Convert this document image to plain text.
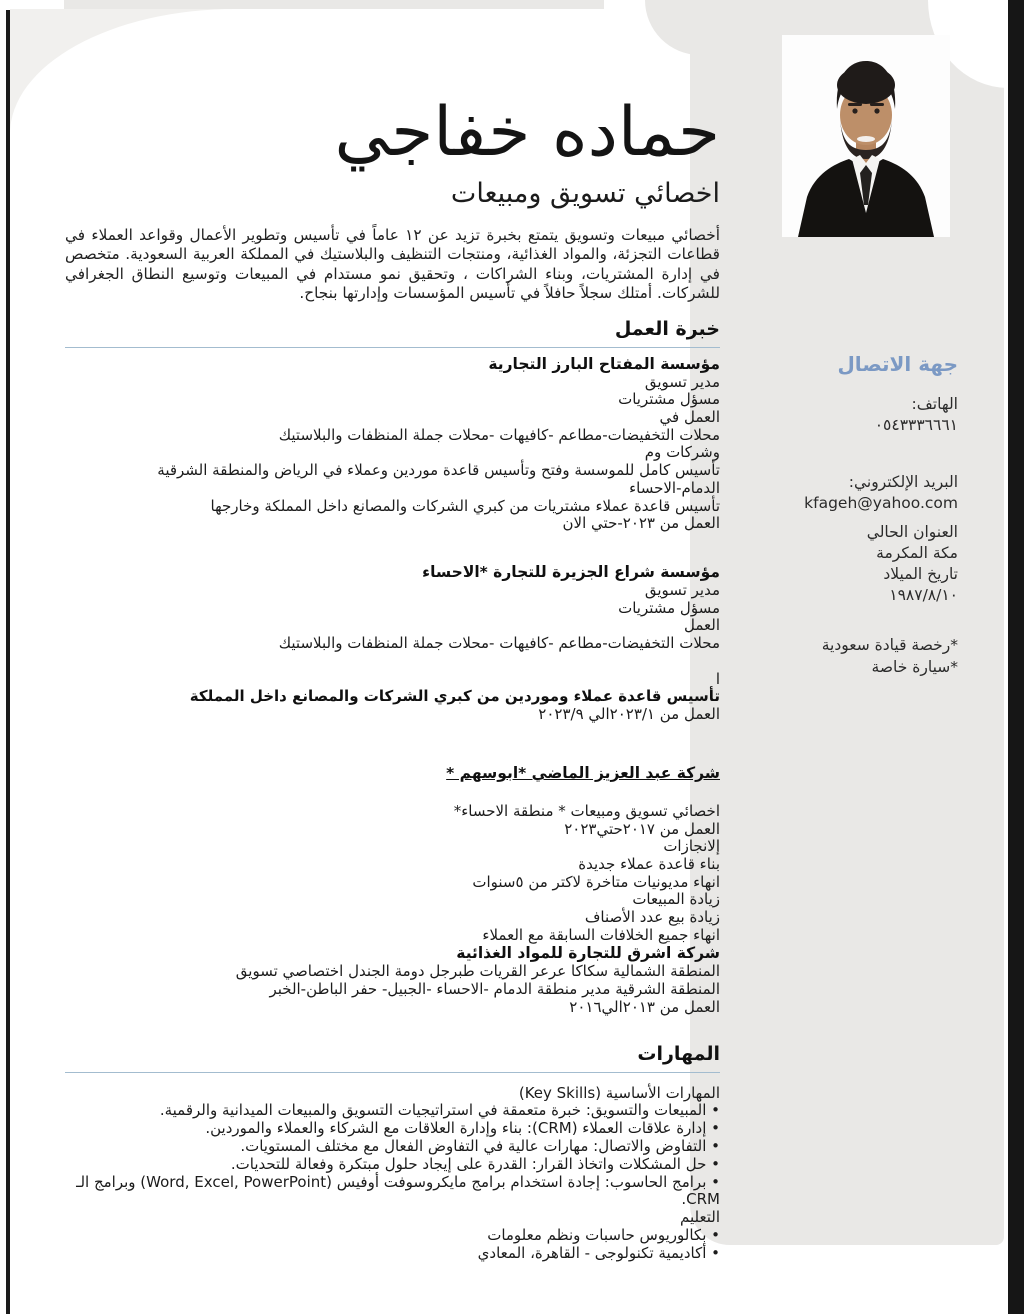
جهة الاتصال
الهاتف:
٠٥٤٣٣٣٦٦٦١
البريد الإلكتروني:
kfageh@yahoo.com
العنوان الحالي
مكة المكرمة
تاريخ الميلاد
١٩٨٧/٨/١٠
*رخصة قيادة سعودية
*سيارة خاصة
حماده خفاجي
اخصائي تسويق ومبيعات
أخصائي مبيعات وتسويق يتمتع بخبرة تزيد عن ١٢ عاماً في تأسيس وتطوير الأعمال وقواعد العملاء في قطاعات التجزئة، والمواد الغذائية، ومنتجات التنظيف والبلاستيك في المملكة العربية السعودية. متخصص في إدارة المشتريات، وبناء الشراكات ، وتحقيق نمو مستدام في المبيعات وتوسيع النطاق الجغرافي للشركات. أمتلك سجلاً حافلاً في تأسيس المؤسسات وإدارتها بنجاح.
خبرة العمل
مؤسسة المفتاح البارز التجارية
مدير تسويق
مسؤل مشتريات
العمل في
محلات التخفيضات-مطاعم -كافيهات -محلات جملة المنظفات والبلاستيك
وشركات وم
تأسيس كامل للموسسة وفتح وتأسيس قاعدة موردين وعملاء في الرياض والمنطقة الشرقية
الدمام-الاحساء
تأسيس قاعدة عملاء مشتريات من كبري الشركات والمصانع داخل المملكة وخارجها
العمل من ٢٠٢٣-حتي الان
مؤسسة شراع الجزيرة للتجارة *الاحساء
مدير تسويق
مسؤل مشتريات
العمل
محلات التخفيضات-مطاعم -كافيهات -محلات جملة المنظفات والبلاستيك
ا
تأسيس قاعدة عملاء وموردين من كبري الشركات والمصانع داخل المملكة
العمل من ٢٠٢٣/١الي ٢٠٢٣/٩
شركة عبد العزيز الماضي *ابوسهم *
اخصائي تسويق ومبيعات * منطقة الاحساء*
العمل من ٢٠١٧حتي٢٠٢٣
إلانجازات
بناء قاعدة عملاء جديدة
انهاء مديونيات متاخرة لاكتر من ٥سنوات
زيادة المبيعات
زيادة بيع عدد الأصناف
انهاء جميع الخلافات السابقة مع العملاء
شركة اشرق للتجارة للمواد الغذائية
المنطقة الشمالية سكاكا عرعر القريات طبرجل دومة الجندل اختصاصي تسويق
المنطقة الشرقية مدير منطقة الدمام -الاحساء -الجبيل- حفر الباطن-الخبر
العمل من ٢٠١٣الي٢٠١٦
المهارات
المهارات الأساسية (Key Skills)
• المبيعات والتسويق: خبرة متعمقة في استراتيجيات التسويق والمبيعات الميدانية والرقمية.
• إدارة علاقات العملاء (CRM): بناء وإدارة العلاقات مع الشركاء والعملاء والموردين.
• التفاوض والاتصال: مهارات عالية في التفاوض الفعال مع مختلف المستويات.
• حل المشكلات واتخاذ القرار: القدرة على إيجاد حلول مبتكرة وفعالة للتحديات.
• برامج الحاسوب: إجادة استخدام برامج مايكروسوفت أوفيس (Word, Excel, PowerPoint) وبرامج الـ CRM.
التعليم
• بكالوريوس حاسبات ونظم معلومات
• أكاديمية تكنولوجى - القاهرة، المعادي
